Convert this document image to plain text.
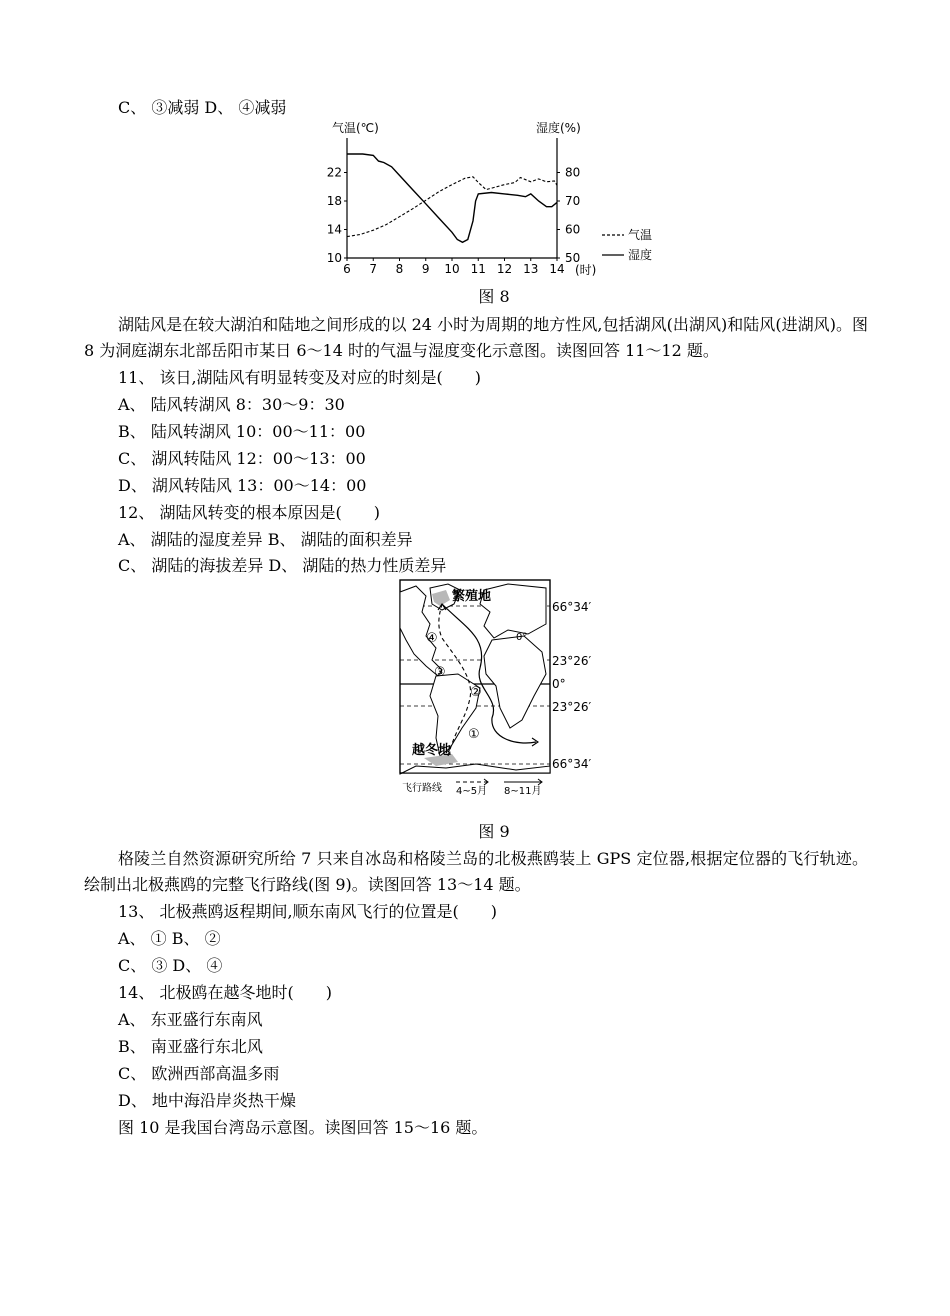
C、 ③减弱 D、 ④减弱
气温(℃)	湿度(%)
6 7 8 9 10 11 12 13 14
10
14
18
22
50
60
70
80
(时)
气温
湿度
图 8
湖陆风是在较大湖泊和陆地之间形成的以 24 小时为周期的地方性风,包括湖风(出湖风)和陆风(进湖风)。图 8 为洞庭湖东北部岳阳市某日 6～14 时的气温与湿度变化示意图。读图回答 11～12 题。
11、 该日,湖陆风有明显转变及对应的时刻是(　　)
A、 陆风转湖风 8：30～9：30
B、 陆风转湖风 10：00～11：00
C、 湖风转陆风 12：00～13：00
D、 湖风转陆风 13：00～14：00
12、 湖陆风转变的根本原因是(　　)
A、 湖陆的湿度差异 B、 湖陆的面积差异
C、 湖陆的海拔差异 D、 湖陆的热力性质差异
繁殖地
越冬地
④
③
②
①
0°
66°34′
23°26′
0°
23°26′
66°34′
飞行路线 4~5月 8~11月
图 9
格陵兰自然资源研究所给 7 只来自冰岛和格陵兰岛的北极燕鸥装上 GPS 定位器,根据定位器的飞行轨迹。绘制出北极燕鸥的完整飞行路线(图 9)。读图回答 13～14 题。
13、 北极燕鸥返程期间,顺东南风飞行的位置是(　　)
A、 ① B、 ②
C、 ③ D、 ④
14、 北极鸥在越冬地时(　　)
A、 东亚盛行东南风
B、 南亚盛行东北风
C、 欧洲西部高温多雨
D、 地中海沿岸炎热干燥
图 10 是我国台湾岛示意图。读图回答 15～16 题。
